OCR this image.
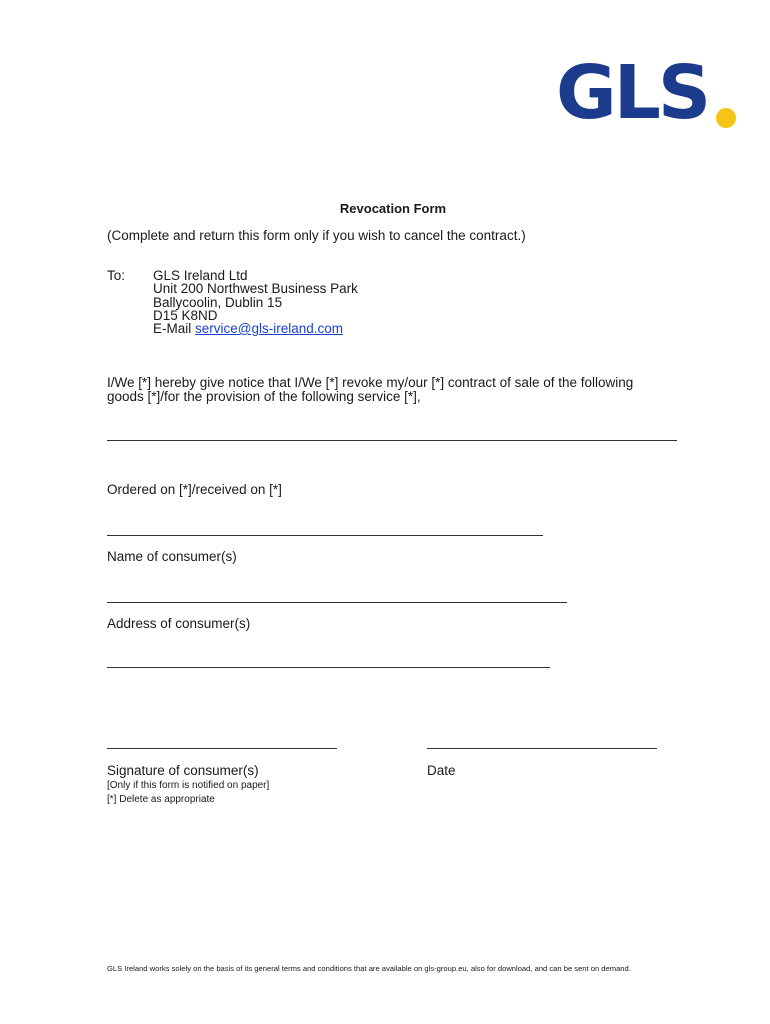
GLS
Revocation Form
(Complete and return this form only if you wish to cancel the contract.)
To: GLS Ireland Ltd
Unit 200 Northwest Business Park
Ballycoolin, Dublin 15
D15 K8ND
E-Mail service@gls-ireland.com
I/We [*] hereby give notice that I/We [*] revoke my/our [*] contract of sale of the following
goods [*]/for the provision of the following service [*],
Ordered on [*]/received on [*]
Name of consumer(s)
Address of consumer(s)
Signature of consumer(s)	Date
[Only if this form is notified on paper]
[*] Delete as appropriate
GLS Ireland works solely on the basis of its general terms and conditions that are available on gls-group.eu, also for download, and can be sent on demand.
